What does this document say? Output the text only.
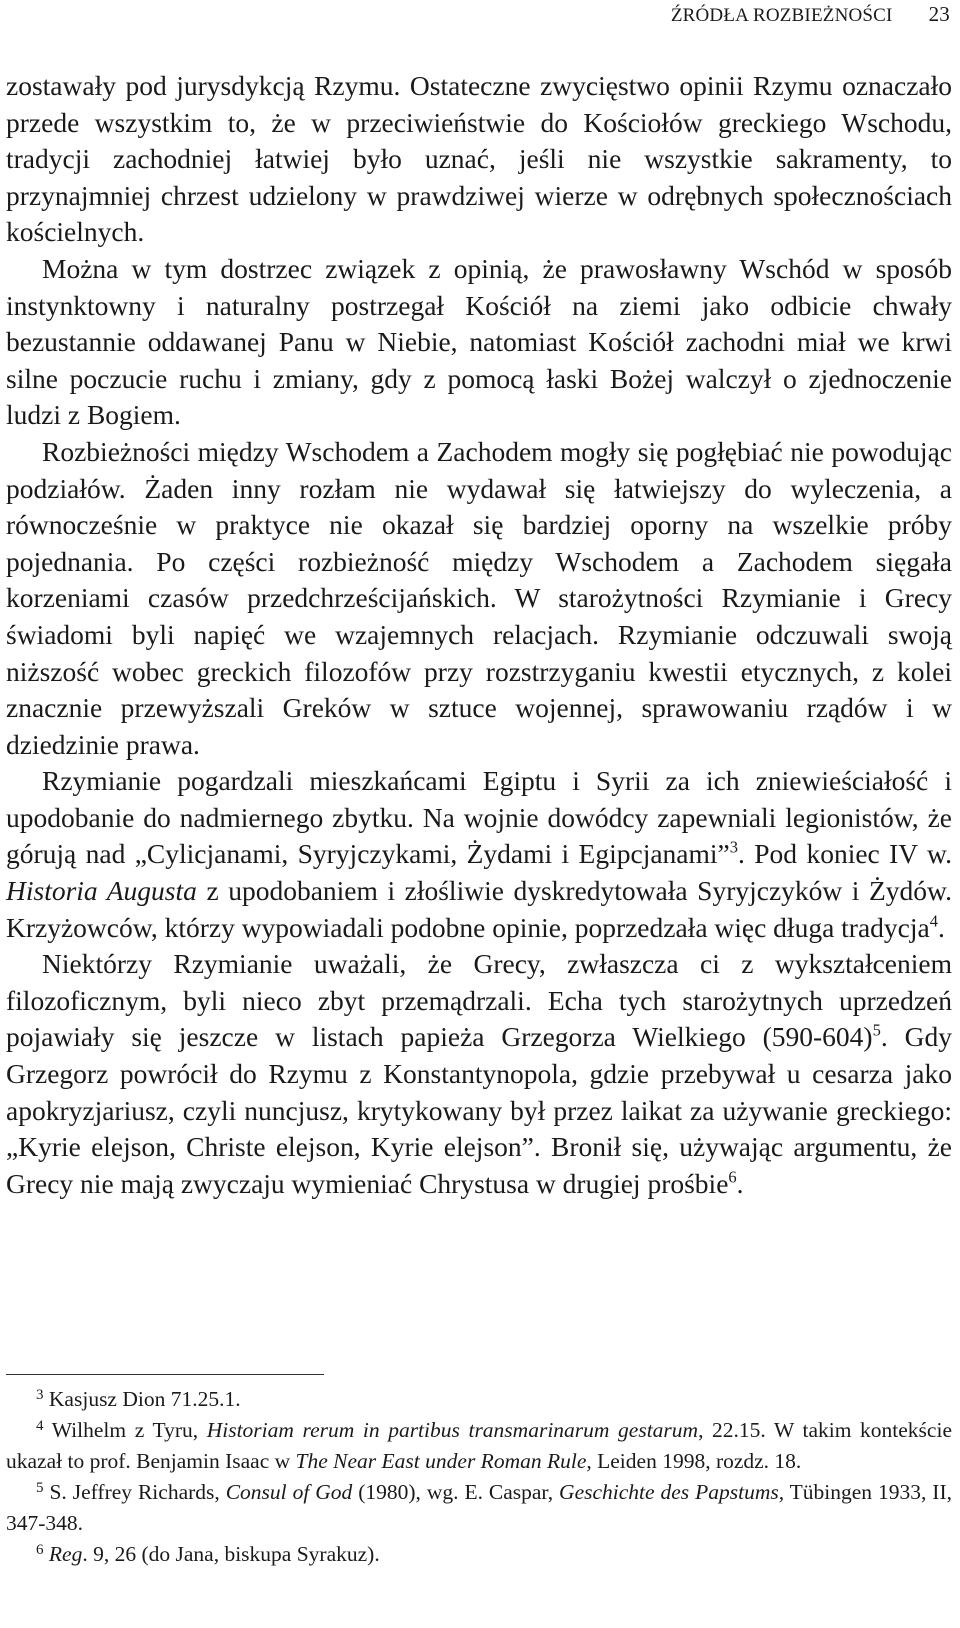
ŹRÓDŁA ROZBIEŻNOŚCI 23

zostawały pod jurysdykcją Rzymu. Ostateczne zwycięstwo opinii Rzymu oznaczało przede wszystkim to, że w przeciwieństwie do Kościołów greckiego Wschodu, tradycji zachodniej łatwiej było uznać, jeśli nie wszystkie sakramenty, to przynajmniej chrzest udzielony w prawdziwej wierze w odrębnych społecznościach kościelnych.

Można w tym dostrzec związek z opinią, że prawosławny Wschód w sposób instynktowny i naturalny postrzegał Kościół na ziemi jako odbicie chwały bezustannie oddawanej Panu w Niebie, natomiast Kościół zachodni miał we krwi silne poczucie ruchu i zmiany, gdy z pomocą łaski Bożej walczył o zjednoczenie ludzi z Bogiem.

Rozbieżności między Wschodem a Zachodem mogły się pogłębiać nie powodując podziałów. Żaden inny rozłam nie wydawał się łatwiejszy do wyleczenia, a równocześnie w praktyce nie okazał się bardziej oporny na wszelkie próby pojednania. Po części rozbieżność między Wschodem a Zachodem sięgała korzeniami czasów przedchrześcijańskich. W starożytności Rzymianie i Grecy świadomi byli napięć we wzajemnych relacjach. Rzymianie odczuwali swoją niższość wobec greckich filozofów przy rozstrzyganiu kwestii etycznych, z kolei znacznie przewyższali Greków w sztuce wojennej, sprawowaniu rządów i w dziedzinie prawa.

Rzymianie pogardzali mieszkańcami Egiptu i Syrii za ich zniewieściałość i upodobanie do nadmiernego zbytku. Na wojnie dowódcy zapewniali legionistów, że górują nad „Cylicjanami, Syryjczykami, Żydami i Egipcjanami”$^3$. Pod koniec IV w. Historia Augusta z upodobaniem i złośliwie dyskredytowała Syryjczyków i Żydów. Krzyżowców, którzy wypowiadali podobne opinie, poprzedzała więc długa tradycja$^4$.

Niektórzy Rzymianie uważali, że Grecy, zwłaszcza ci z wykształceniem filozoficznym, byli nieco zbyt przemądrzali. Echa tych starożytnych uprzedzeń pojawiały się jeszcze w listach papieża Grzegorza Wielkiego $(590-604)^5$. Gdy Grzegorz powrócił do Rzymu z Konstantynopola, gdzie przebywał u cesarza jako apokryzjariusz, czyli nuncjusz, krytykowany był przez laikat za używanie greckiego: „Kyrie elejson, Christe elejson, Kyrie elejson”. Bronił się, używając argumentu, że Grecy nie mają zwyczaju wymieniać Chrystusa w drugiej prośbie$^6$.

$^3$ Kasjusz Dion 71.25.1.

$^4$ Wilhelm z Tyru, Historiam rerum in partibus transmarinarum gestarum, 22.15. W takim kontekście ukazał to prof. Benjamin Isaac w The Near East under Roman Rule, Leiden 1998, rozdz. 18.

$^5$ S. Jeffrey Richards, Consul of God (1980), wg. E. Caspar, Geschichte des Papstums, Tübingen 1933, II, 347-348.

$^6$ Reg. 9, 26 (do Jana, biskupa Syrakuz).
